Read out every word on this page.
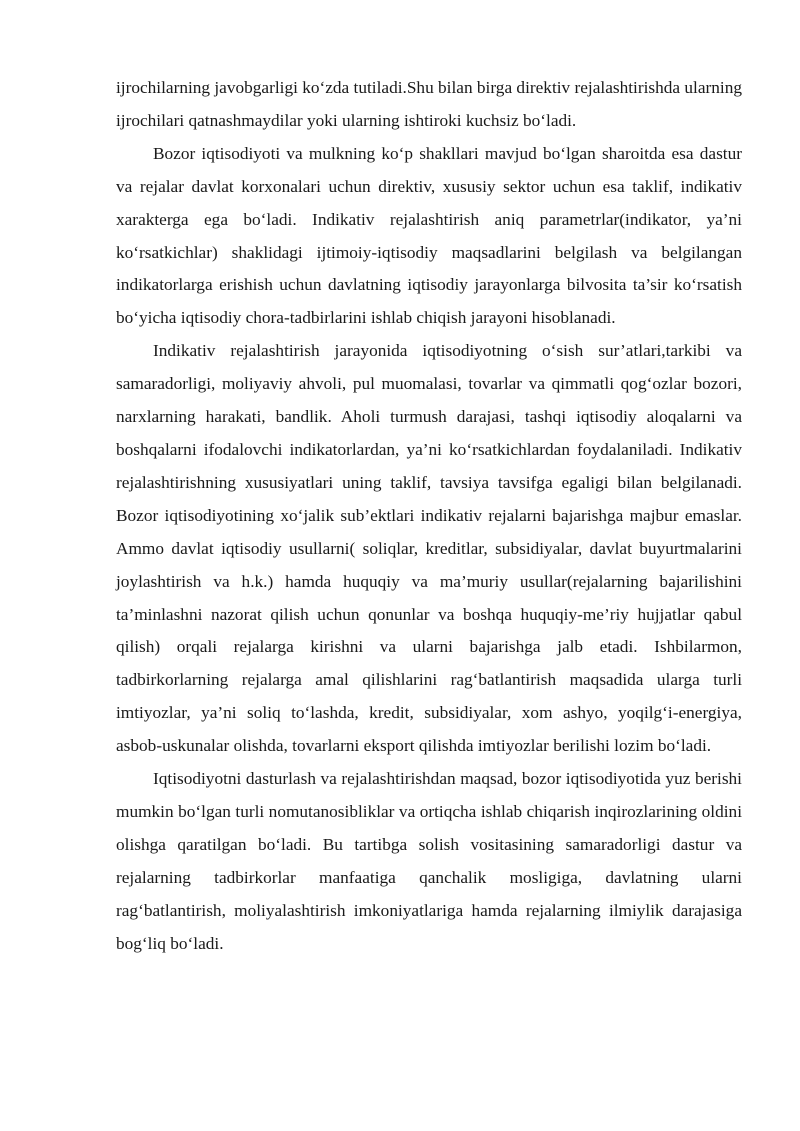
ijrochilarning javobgarligi ko‘zda tutiladi.Shu bilan birga direktiv rejalashtirishda ularning ijrochilari qatnashmaydilar yoki ularning ishtiroki kuchsiz bo‘ladi.

Bozor iqtisodiyoti va mulkning ko‘p shakllari mavjud bo‘lgan sharoitda esa dastur va rejalar davlat korxonalari uchun direktiv, xususiy sektor uchun esa taklif, indikativ xarakterga ega bo‘ladi. Indikativ rejalashtirish aniq parametrlar(indikator, ya’ni ko‘rsatkichlar) shaklidagi ijtimoiy-iqtisodiy maqsadlarini belgilash va belgilangan indikatorlarga erishish uchun davlatning iqtisodiy jarayonlarga bilvosita ta’sir ko‘rsatish bo‘yicha iqtisodiy chora-tadbirlarini ishlab chiqish jarayoni hisoblanadi.

Indikativ rejalashtirish jarayonida iqtisodiyotning o‘sish sur’atlari,tarkibi va samaradorligi, moliyaviy ahvoli, pul muomalasi, tovarlar va qimmatli qog‘ozlar bozori, narxlarning harakati, bandlik. Aholi turmush darajasi, tashqi iqtisodiy aloqalarni va boshqalarni ifodalovchi indikatorlardan, ya’ni ko‘rsatkichlardan foydalaniladi. Indikativ rejalashtirishning xususiyatlari uning taklif, tavsiya tavsifga egaligi bilan belgilanadi. Bozor iqtisodiyotining xo‘jalik sub’ektlari indikativ rejalarni bajarishga majbur emaslar. Ammo davlat iqtisodiy usullarni( soliqlar, kreditlar, subsidiyalar, davlat buyurtmalarini joylashtirish va h.k.) hamda huquqiy va ma’muriy usullar(rejalarning bajarilishini ta’minlashni nazorat qilish uchun qonunlar va boshqa huquqiy-me’riy hujjatlar qabul qilish) orqali rejalarga kirishni va ularni bajarishga jalb etadi. Ishbilarmon, tadbirkorlarning rejalarga amal qilishlarini rag‘batlantirish maqsadida ularga turli imtiyozlar, ya’ni soliq to‘lashda, kredit, subsidiyalar, xom ashyo, yoqilg‘i-energiya, asbob-uskunalar olishda, tovarlarni eksport qilishda imtiyozlar berilishi lozim bo‘ladi.

Iqtisodiyotni dasturlash va rejalashtirishdan maqsad, bozor iqtisodiyotida yuz berishi mumkin bo‘lgan turli nomutanosibliklar va ortiqcha ishlab chiqarish inqirozlarining oldini olishga qaratilgan bo‘ladi. Bu tartibga solish vositasining samaradorligi dastur va rejalarning tadbirkorlar manfaatiga qanchalik mosligiga, davlatning ularni rag‘batlantirish, moliyalashtirish imkoniyatlariga hamda rejalarning ilmiylik darajasiga bog‘liq bo‘ladi.
